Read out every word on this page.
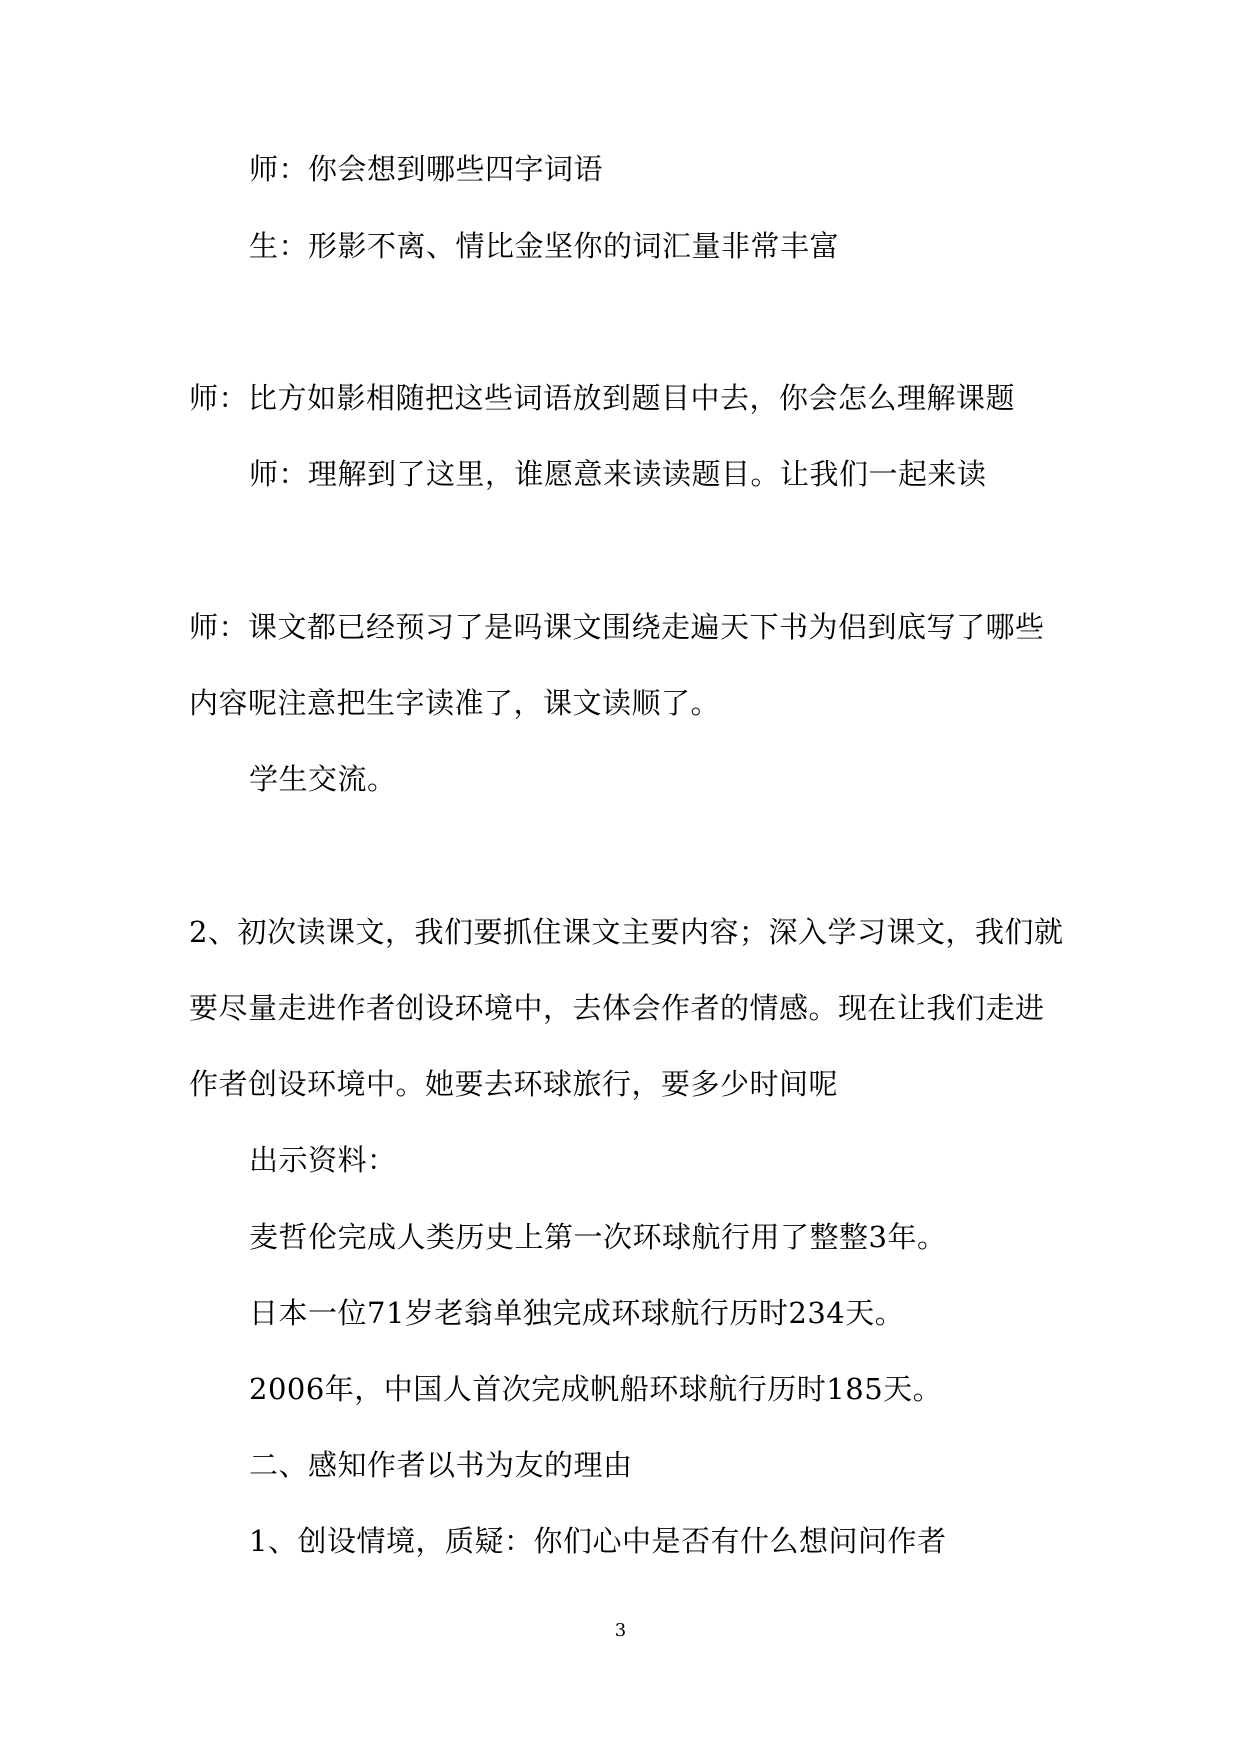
师：你会想到哪些四字词语
生：形影不离、情比金坚你的词汇量非常丰富
师：比方如影相随把这些词语放到题目中去，你会怎么理解课题
师：理解到了这里，谁愿意来读读题目。让我们一起来读
师：课文都已经预习了是吗课文围绕走遍天下书为侣到底写了哪些
内容呢注意把生字读准了，课文读顺了。
学生交流。
2、初次读课文，我们要抓住课文主要内容；深入学习课文，我们就
要尽量走进作者创设环境中，去体会作者的情感。现在让我们走进
作者创设环境中。她要去环球旅行，要多少时间呢
出示资料：
麦哲伦完成人类历史上第一次环球航行用了整整3年。
日本一位71岁老翁单独完成环球航行历时234天。
2006年，中国人首次完成帆船环球航行历时185天。
二、感知作者以书为友的理由
1、创设情境，质疑：你们心中是否有什么想问问作者
3
